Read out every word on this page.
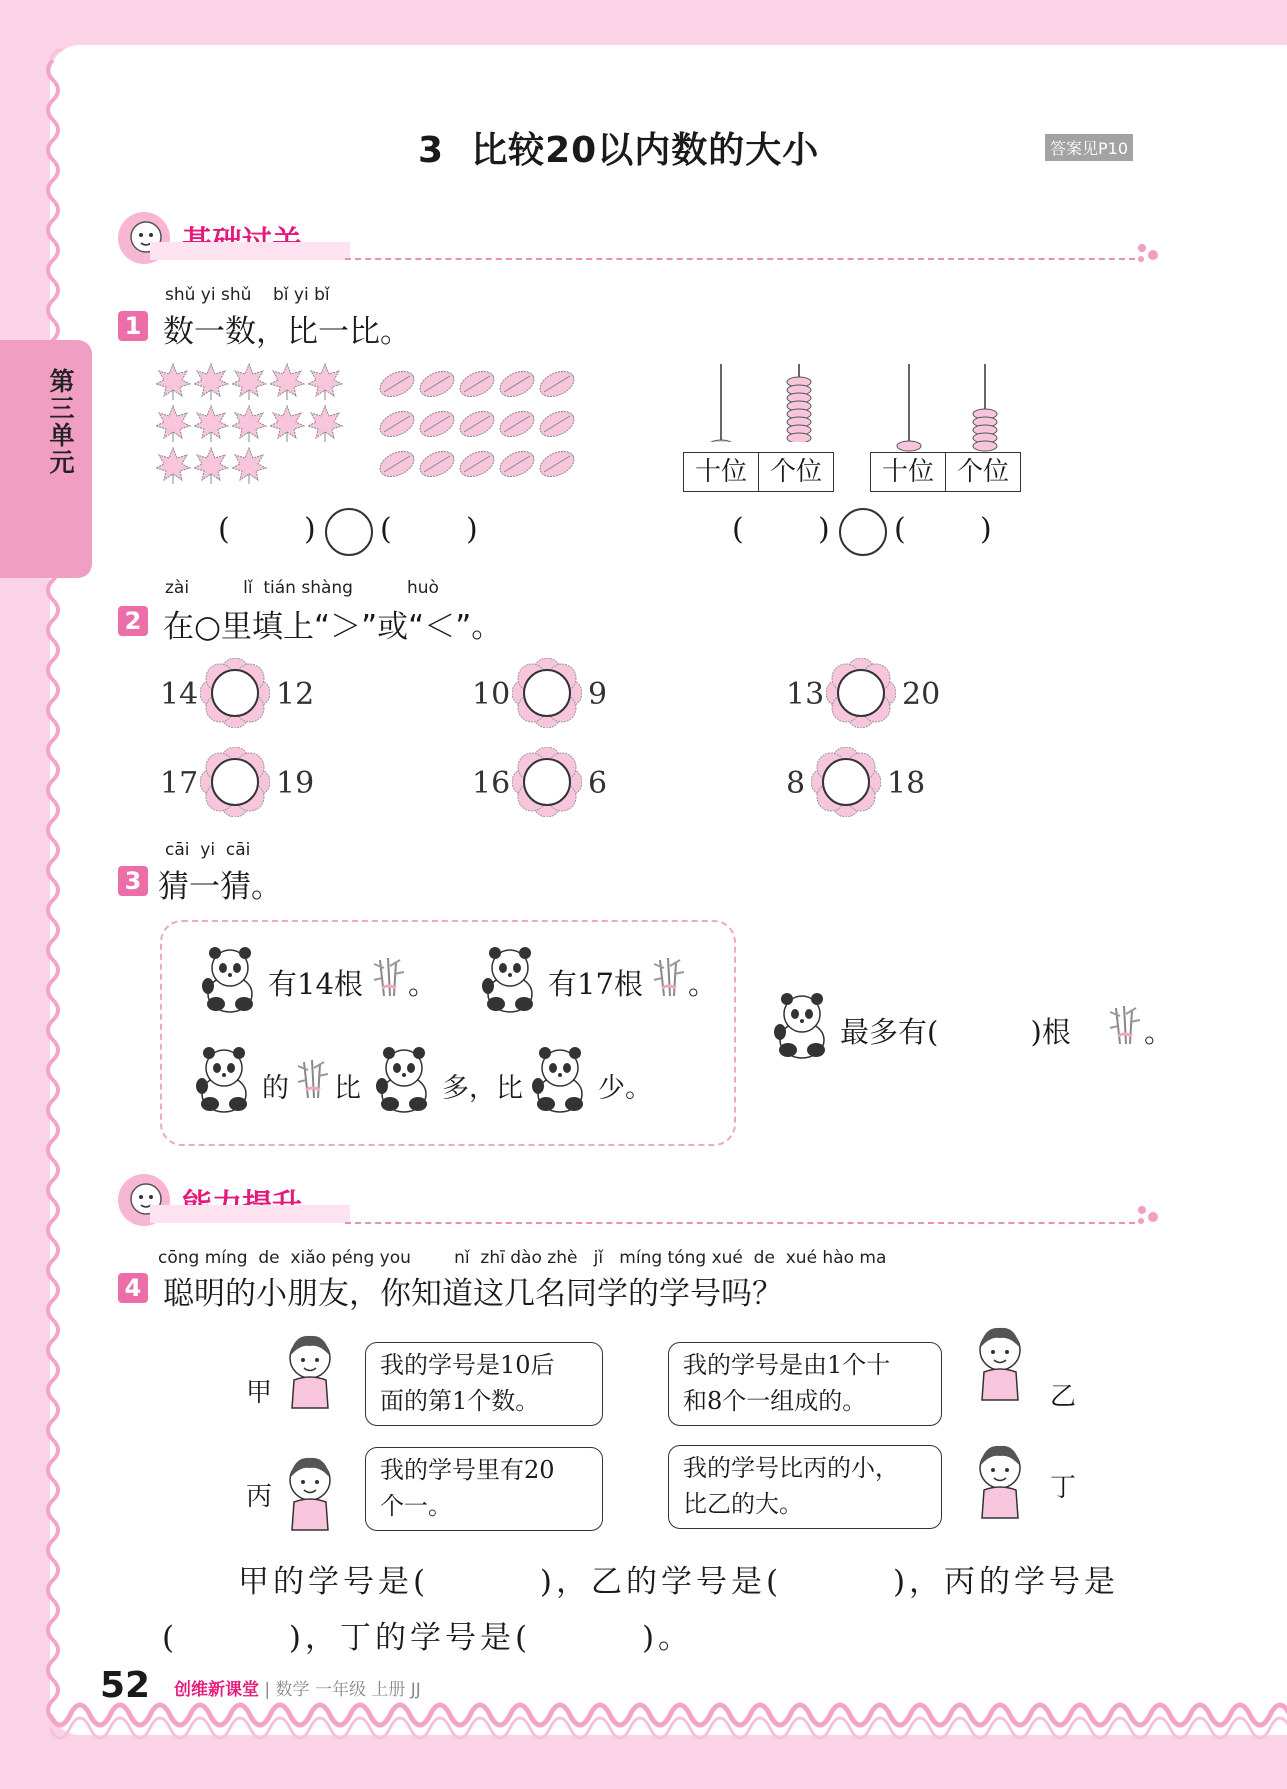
第三单元
3  比较20以内数的大小	答案见P10
shǔ yi shǔ    bǐ yi bǐ
1 数一数，比一比。
十位 个位	十位 个位
( ) ( )	( ) ( )
zài          lǐ  tián shàng          huò
2 在○里填上“＞”或“＜”。
14	12	10	9	13	20
17	19	16	6	8	18
cāi  yi  cāi
3 猜一猜。
有14根 。	有17根 。
的 比	多，比	少。
最多有(          )根	。
cōng míng  de  xiǎo péng you        nǐ  zhī dào zhè   jǐ   míng tóng xué  de  xué hào ma
4 聪明的小朋友，你知道这几名同学的学号吗？
甲
我的学号是10后
面的第1个数。
我的学号是由1个十
和8个一组成的。	乙
丙
我的学号里有20
个一。
我的学号比丙的小，
比乙的大。
丁
甲的学号是(        )，乙的学号是(        )，丙的学号是
(        )，丁的学号是(        )。
52 创维新课堂 | 数学 一年级 上册 JJ
